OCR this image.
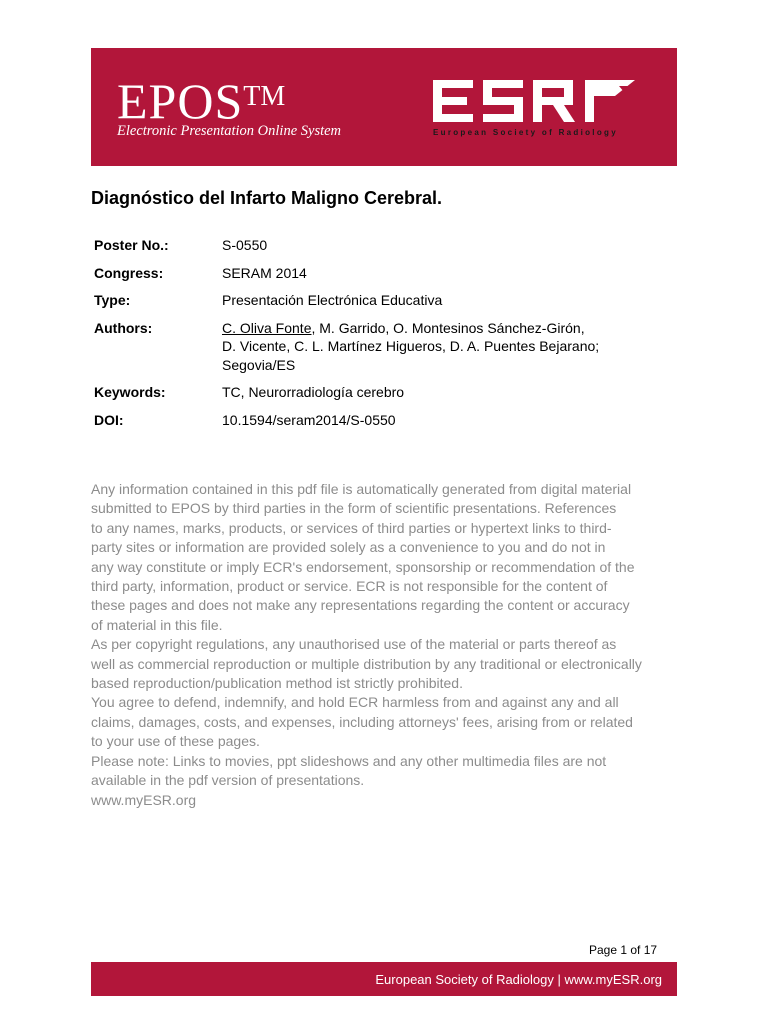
EPOS™
Electronic Presentation Online System	European Society of Radiology
Diagnóstico del Infarto Maligno Cerebral.
Poster No.:	S-0550
Congress:	SERAM 2014
Type:	Presentación Electrónica Educativa
Authors:	C. Oliva Fonte, M. Garrido, O. Montesinos Sánchez-Girón,
D. Vicente, C. L. Martínez Higueros, D. A. Puentes Bejarano;
Segovia/ES
Keywords:	TC, Neurorradiología cerebro
DOI:	10.1594/seram2014/S-0550

Any information contained in this pdf file is automatically generated from digital material

submitted to EPOS by third parties in the form of scientific presentations. References

to any names, marks, products, or services of third parties or hypertext links to third-

party sites or information are provided solely as a convenience to you and do not in

any way constitute or imply ECR's endorsement, sponsorship or recommendation of the

third party, information, product or service. ECR is not responsible for the content of

these pages and does not make any representations regarding the content or accuracy

of material in this file.

As per copyright regulations, any unauthorised use of the material or parts thereof as

well as commercial reproduction or multiple distribution by any traditional or electronically

based reproduction/publication method ist strictly prohibited.

You agree to defend, indemnify, and hold ECR harmless from and against any and all

claims, damages, costs, and expenses, including attorneys' fees, arising from or related

to your use of these pages.

Please note: Links to movies, ppt slideshows and any other multimedia files are not

available in the pdf version of presentations.

www.myESR.org

Page 1 of 17
European Society of Radiology | www.myESR.org
